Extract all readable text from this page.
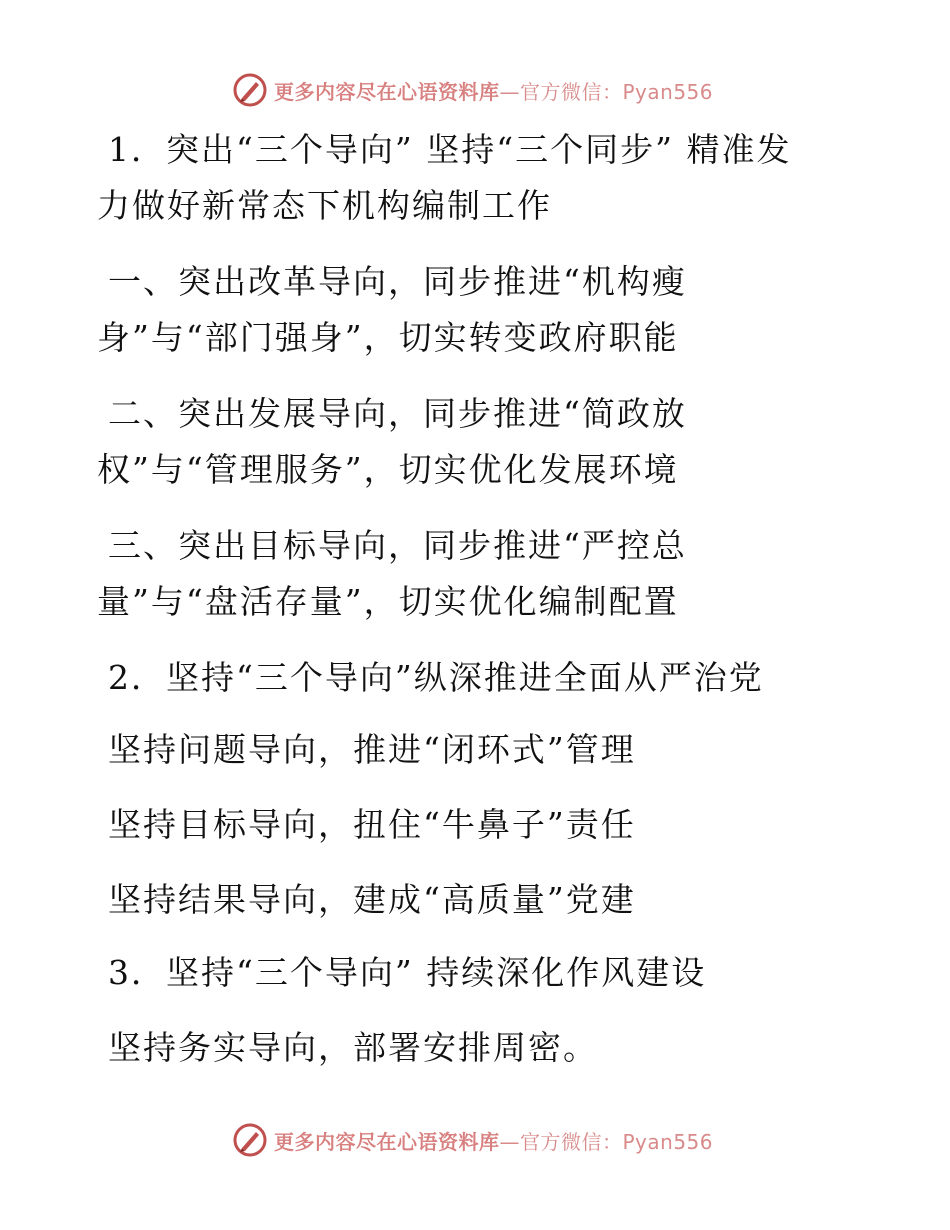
更多内容尽在心语资料库—官方微信：Pyan556
1．突出“三个导向” 坚持“三个同步” 精准发
力做好新常态下机构编制工作
一、突出改革导向，同步推进“机构瘦
身”与“部门强身”，切实转变政府职能
二、突出发展导向，同步推进“简政放
权”与“管理服务”，切实优化发展环境
三、突出目标导向，同步推进“严控总
量”与“盘活存量”，切实优化编制配置
2．坚持“三个导向”纵深推进全面从严治党
坚持问题导向，推进“闭环式”管理
坚持目标导向，扭住“牛鼻子”责任
坚持结果导向，建成“高质量”党建
3．坚持“三个导向” 持续深化作风建设
坚持务实导向，部署安排周密。
更多内容尽在心语资料库—官方微信：Pyan556
